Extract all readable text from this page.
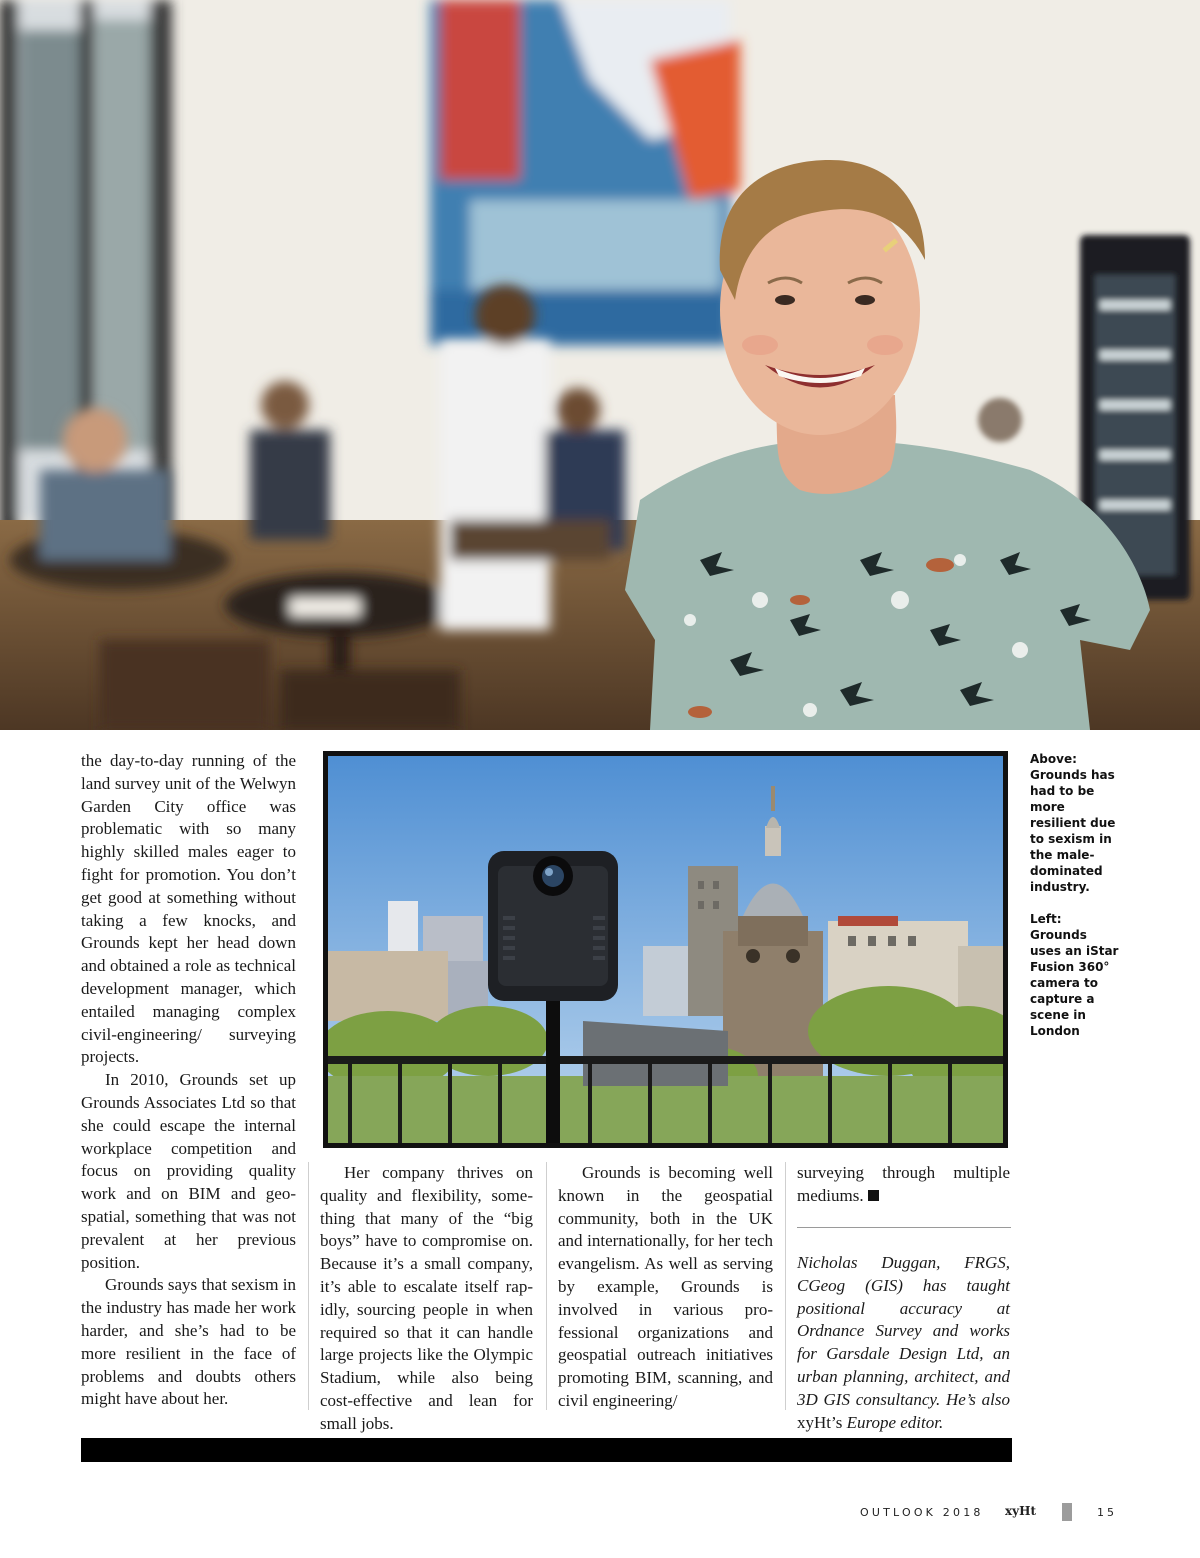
the day-to-day running of the land survey unit of the Welwyn Garden City office was problematic with so many highly skilled males eager to fight for promotion. You don’t get good at something without taking a few knocks, and Grounds kept her head down and obtained a role as technical development manager, which entailed managing complex civil-engineering/ surveying projects.

In 2010, Grounds set up Grounds Associates Ltd so that she could escape the internal workplace competition and focus on providing quality work and on BIM and geospatial, something that was not prevalent at her previous position.

Grounds says that sexism in the industry has made her work harder, and she’s had to be more resilient in the face of problems and doubts others might have about her.

Above: Grounds has had to be more resilient due to sexism in the male-dominated industry.

Left: Grounds uses an iStar Fusion 360° camera to capture a scene in London

Her company thrives on quality and flexibility, something that many of the “big boys” have to compromise on. Because it’s a small company, it’s able to escalate itself rapidly, sourcing people in when required so that it can handle large projects like the Olympic Stadium, while also being cost-effective and lean for small jobs.

Grounds is becoming well known in the geospatial community, both in the UK and internationally, for her tech evangelism. As well as serving by example, Grounds is involved in various professional organizations and geospatial outreach initiatives promoting BIM, scanning, and civil engineering/

surveying through multiple mediums.

Nicholas Duggan, FRGS, CGeog (GIS) has taught positional accuracy at Ordnance Survey and works for Garsdale Design Ltd, an urban planning, architect, and 3D GIS consultancy. He’s also xyHt’s Europe editor.
OUTLOOK 2018 xyHt	15
